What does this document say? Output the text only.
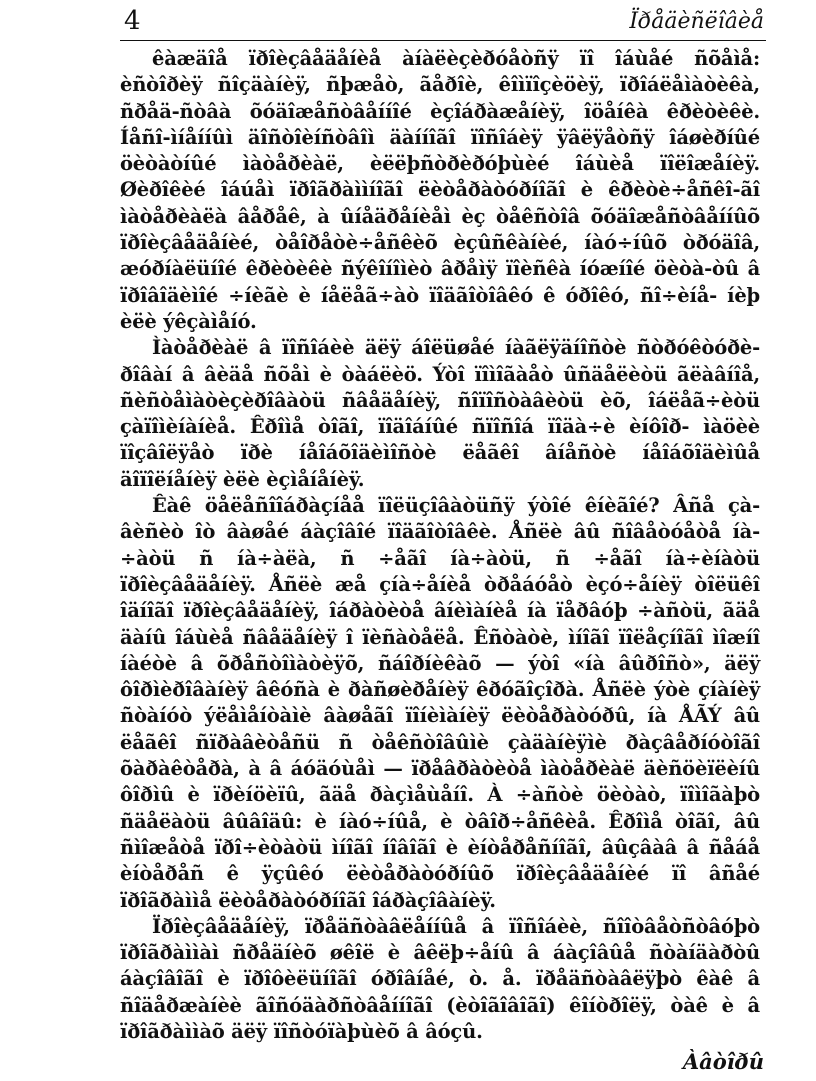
4	Ïðåäèñëîâèå

êàæäîå ïðîèçâåäåíèå àíàëèçèðóåòñÿ ïî îáùåé ñõåìå: èñòîðèÿ ñîçäàíèÿ, ñþæåò, ãåðîè, êîìïîçèöèÿ, ïðîáëåìàòèêà, ñðåä-ñòâà õóäîæåñòâåííîé èçîáðàæåíèÿ, îöåíêà êðèòèêè. Íåñî-ìíåííûì äîñòîèíñòâîì äàííîãî ïîñîáèÿ ÿâëÿåòñÿ îáøèðíûé öèòàòíûé ìàòåðèàë, èëëþñòðèðóþùèé îáùèå ïîëîæåíèÿ. Øèðîêèé îáúåì ïðîãðàììíîãî ëèòåðàòóðíîãî è êðèòè÷åñêî-ãî ìàòåðèàëà âåðåê, à ûíåäðåíèåì èç òåêñòîâ õóäîæåñòâåííûõ ïðîèçâåäåíèé, òåîðåòè÷åñêèõ èçûñêàíèé, íàó÷íûõ òðóäîâ, æóðíàëüíîé êðèòèêè ñýêîíîìèò âðåìÿ ïîèñêà íóæíîé öèòà-òû â ïðîâîäèìîé ÷íèãè è íåëåã÷àò ïîäãîòîâêó ê óðîêó, ñî÷èíå- íèþ èëè ýêçàìåíó.

Ìàòåðèàë â ïîñîáèè äëÿ áîëüøåé íàãëÿäíîñòè ñòðóêòóðè-ðîâàí â âèäå ñõåì è òàáëèö. Ýòî ïîìîãàåò ûñäåëèòü ãëàâíîå, ñèñòåìàòèçèðîâàòü ñâåäåíèÿ, ñîïîñòàâèòü èõ, îáëåã÷èòü çàïîìèíàíèå. Êðîìå òîãî, ïîäîáíûé ñïîñîá ïîäà÷è èíôîð- ìàöèè ïîçâîëÿåò ïðè íåîáõîäèìîñòè ëåãêî âíåñòè íåîáõîäèìûå äîïîëíåíèÿ èëè èçìåíåíèÿ.

Êàê öåëåñîîáðàçíåå ïîëüçîâàòüñÿ ýòîé êíèãîé? Âñå çà-âèñèò îò âàøåé áàçîâîé ïîäãîòîâêè. Åñëè âû ñîâåòóåòå íà-÷àòü ñ íà÷àëà, ñ ÷åãî íà÷àòü, ñ ÷åãî íà÷èíàòü ïðîèçâåäåíèÿ. Åñëè æå çíà÷åíèå òðåáóåò èçó÷åíèÿ òîëüêî îäíîãî ïðîèçâåäåíèÿ, îáðàòèòå âíèìàíèå íà ïåðâóþ ÷àñòü, ãäå äàíû îáùèå ñâåäåíèÿ î ïèñàòåëå. Êñòàòè, ìíîãî ïîëåçíîãî ìîæíî íàéòè â õðåñòîìàòèÿõ, ñáîðíèêàõ — ýòî «íà âûðîñò», äëÿ ôîðìèðîâàíèÿ âêóñà è ðàñøèðåíèÿ êðóãîçîðà. Åñëè ýòè çíàíèÿ ñòàíóò ýëåìåíòàìè âàøåãî ïîíèìàíèÿ ëèòåðàòóðû, íà ÅÃÝ âû ëåãêî ñïðàâèòåñü ñ òåêñòîâûìè çàäàíèÿìè ðàçâåðíóòîãî õàðàêòåðà, à â áóäóùåì — ïðåâðàòèòå ìàòåðèàë äèñöèïëèíû ôîðìû è ïðèíöèïû, ãäå ðàçìåùåíî. À ÷àñòè öèòàò, ïîìîãàþò ñäåëàòü âûâîäû: è íàó÷íûå, è òâîð÷åñêèå. Êðîìå òîãî, âû ñìîæåòå ïðî÷èòàòü ìíîãî íîâîãî è èíòåðåñíîãî, âûçâàâ â ñåáå èíòåðåñ ê ÿçûêó ëèòåðàòóðíûõ ïðîèçâåäåíèé ïî âñåé ïðîãðàììå ëèòåðàòóðíîãî îáðàçîâàíèÿ.

Ïðîèçâåäåíèÿ, ïðåäñòàâëåííûå â ïîñîáèè, ñîîòâåòñòâóþò ïðîãðàììàì ñðåäíèõ øêîë è âêëþ÷åíû â áàçîâûå ñòàíäàðòû áàçîâîãî è ïðîôèëüíîãî óðîâíåé, ò. å. ïðåäñòàâëÿþò êàê â ñîäåðæàíèè ãîñóäàðñòâåííîãî (èòîãîâîãî) êîíòðîëÿ, òàê è â ïðîãðàììàõ äëÿ ïîñòóïàþùèõ â âóçû.

Àâòîðû
